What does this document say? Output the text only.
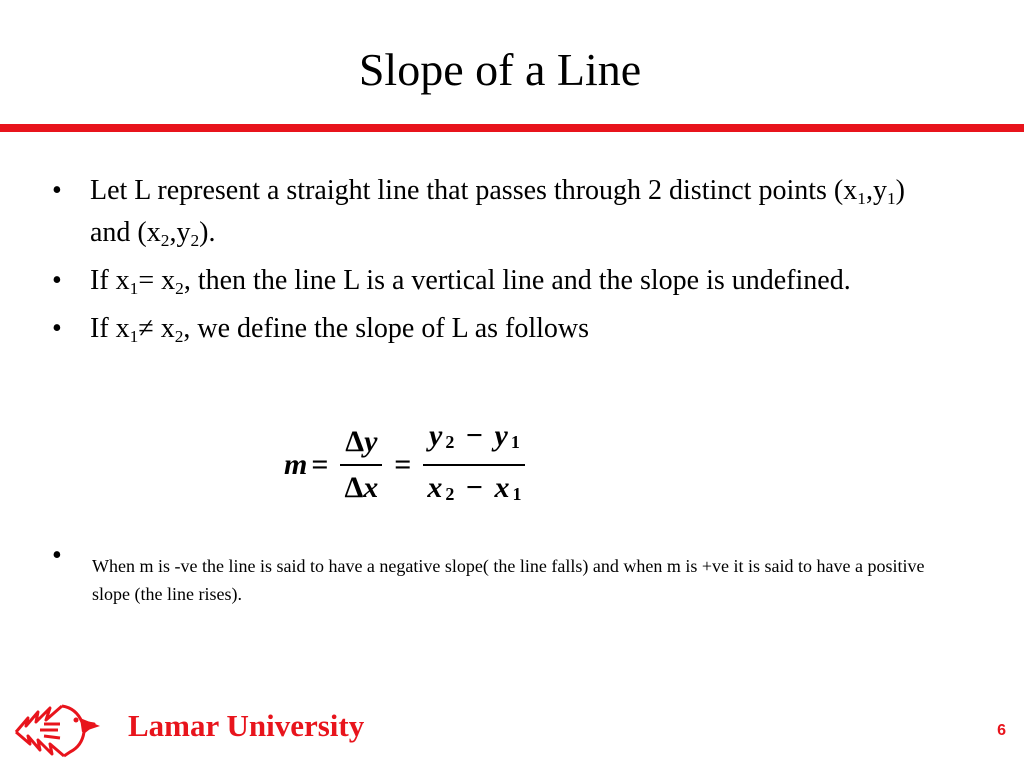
Slope of a Line
• Let L represent a straight line that passes through 2 distinct points $(x_1,y_1)$ and $(x_2,y_2)$.
• If $x_1= x_2$, then the line L is a vertical line and the slope is undefined.
• If $x_1\ne x_2$, we define the slope of L as follows
$m = \frac{\Delta y}{\Delta x} = \frac{y 2 - y 1}{x 2 - x 1}$
• When m is -ve the line is said to have a negative slope( the line falls) and when m is +ve it is said to have a positive slope (the line rises).
Lamar University	6
